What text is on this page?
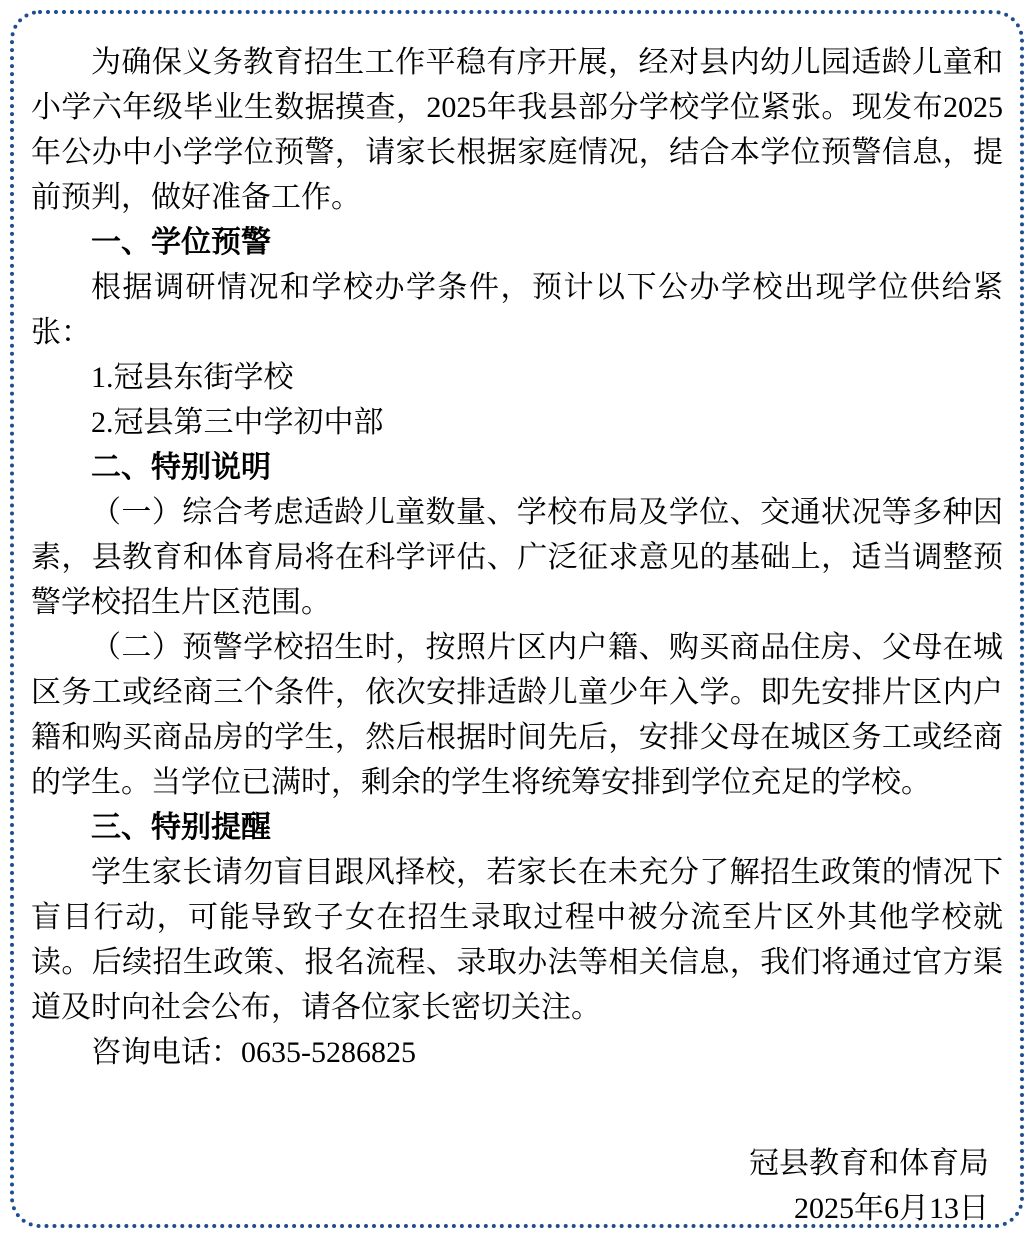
为确保义务教育招生工作平稳有序开展，经对县内幼儿园适龄儿童和小学六年级毕业生数据摸查，2025年我县部分学校学位紧张。现发布2025 年公办中小学学位预警，请家长根据家庭情况，结合本学位预警信息，提前预判，做好准备工作。

一、学位预警

根据调研情况和学校办学条件，预计以下公办学校出现学位供给紧张：

1.冠县东街学校

2.冠县第三中学初中部

二、特别说明

（一）综合考虑适龄儿童数量、学校布局及学位、交通状况等多种因素，县教育和体育局将在科学评估、广泛征求意见的基础上，适当调整预警学校招生片区范围。

（二）预警学校招生时，按照片区内户籍、购买商品住房、父母在城区务工或经商三个条件，依次安排适龄儿童少年入学。即先安排片区内户籍和购买商品房的学生，然后根据时间先后，安排父母在城区务工或经商的学生。当学位已满时，剩余的学生将统筹安排到学位充足的学校。

三、特别提醒

学生家长请勿盲目跟风择校，若家长在未充分了解招生政策的情况下盲目行动，可能导致子女在招生录取过程中被分流至片区外其他学校就读。后续招生政策、报名流程、录取办法等相关信息，我们将通过官方渠道及时向社会公布，请各位家长密切关注。

咨询电话：0635-5286825

冠县教育和体育局

2025年6月13日
